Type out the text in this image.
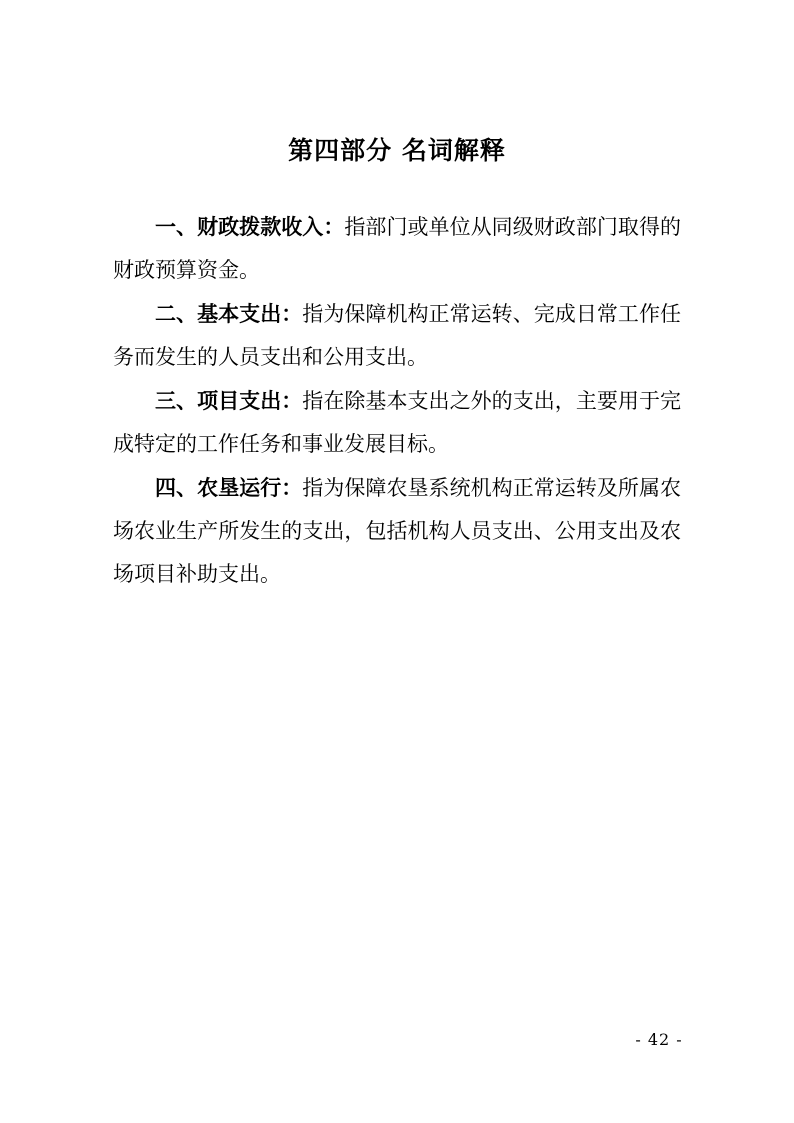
第四部分 名词解释

一、财政拨款收入：指部门或单位从同级财政部门取得的财政预算资金。

二、基本支出：指为保障机构正常运转、完成日常工作任务而发生的人员支出和公用支出。

三、项目支出：指在除基本支出之外的支出，主要用于完成特定的工作任务和事业发展目标。

四、农垦运行：指为保障农垦系统机构正常运转及所属农场农业生产所发生的支出，包括机构人员支出、公用支出及农场项目补助支出。

- 42 -
